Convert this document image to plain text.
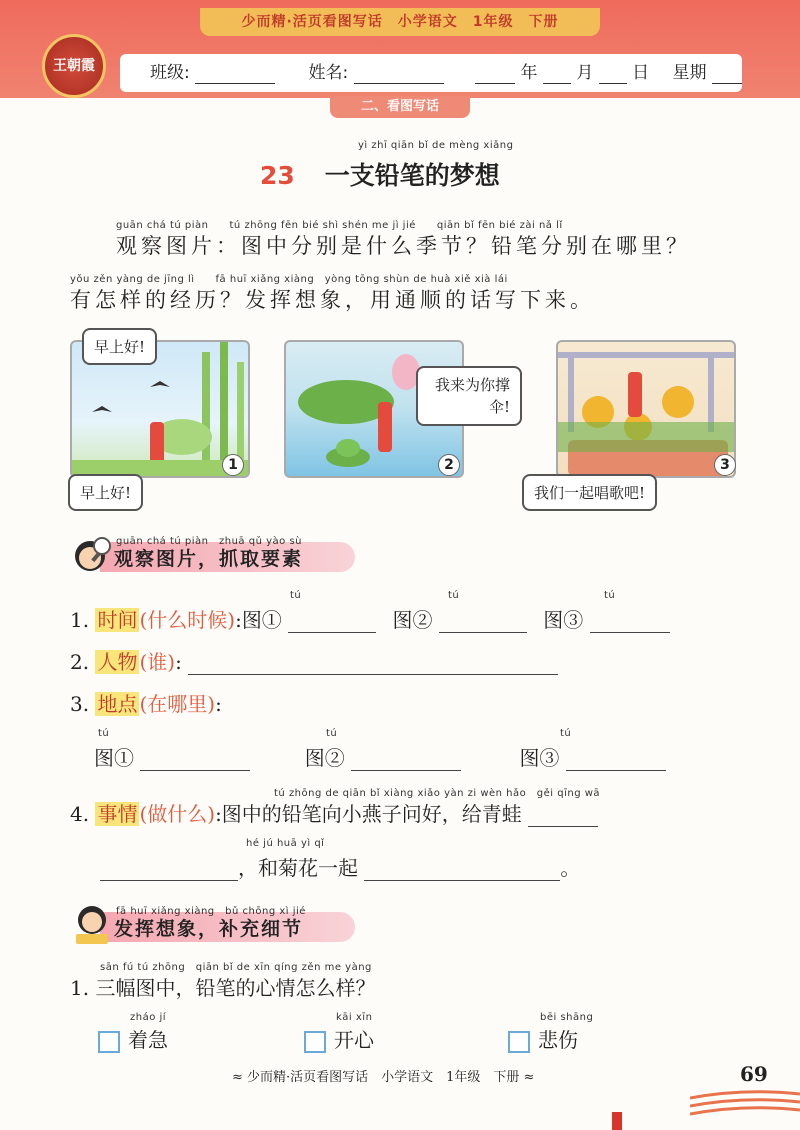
少而精·活页看图写话　小学语文　1年级　下册
王朝霞	班级:	姓名:	年 月 日 星期
二、看图写话
yì zhī qiān bǐ de mèng xiǎng
23 一支铅笔的梦想
guān chá tú piàn　　tú zhōng fēn bié shì shén me jì jié　　qiān bǐ fēn bié zài nǎ lǐ
观察图片：图中分别是什么季节？铅笔分别在哪里？
yǒu zěn yàng de jīng lì　　fā huī xiǎng xiàng　yòng tōng shùn de huà xiě xià lái
有怎样的经历？发挥想象，用通顺的话写下来。
早上好!
早上好!
1
我来为你撑伞!
2
我们一起唱歌吧!
3
guān chá tú piàn　zhuā qǔ yào sù
观察图片，抓取要素
tú	tú	tú
1. 时间 (什么时候):图①	图②	图③
2. 人物 (谁):
3. 地点 (在哪里):
tú	tú	tú
图①	图②	图③
tú zhōng de qiān bǐ xiàng xiǎo yàn zi wèn hǎo　gěi qīng wā
4. 事情 (做什么):图中的铅笔向小燕子问好，给青蛙
hé jú huā yì qǐ
，和菊花一起	。
fā huī xiǎng xiàng　bǔ chōng xì jié
发挥想象，补充细节
sān fú tú zhōng　qiān bǐ de xīn qíng zěn me yàng
1. 三幅图中，铅笔的心情怎么样？
zháo jí
着急
kāi xīn
开心
bēi shāng
悲伤
≈ 少而精·活页看图写话　小学语文　1年级　下册 ≈	69
